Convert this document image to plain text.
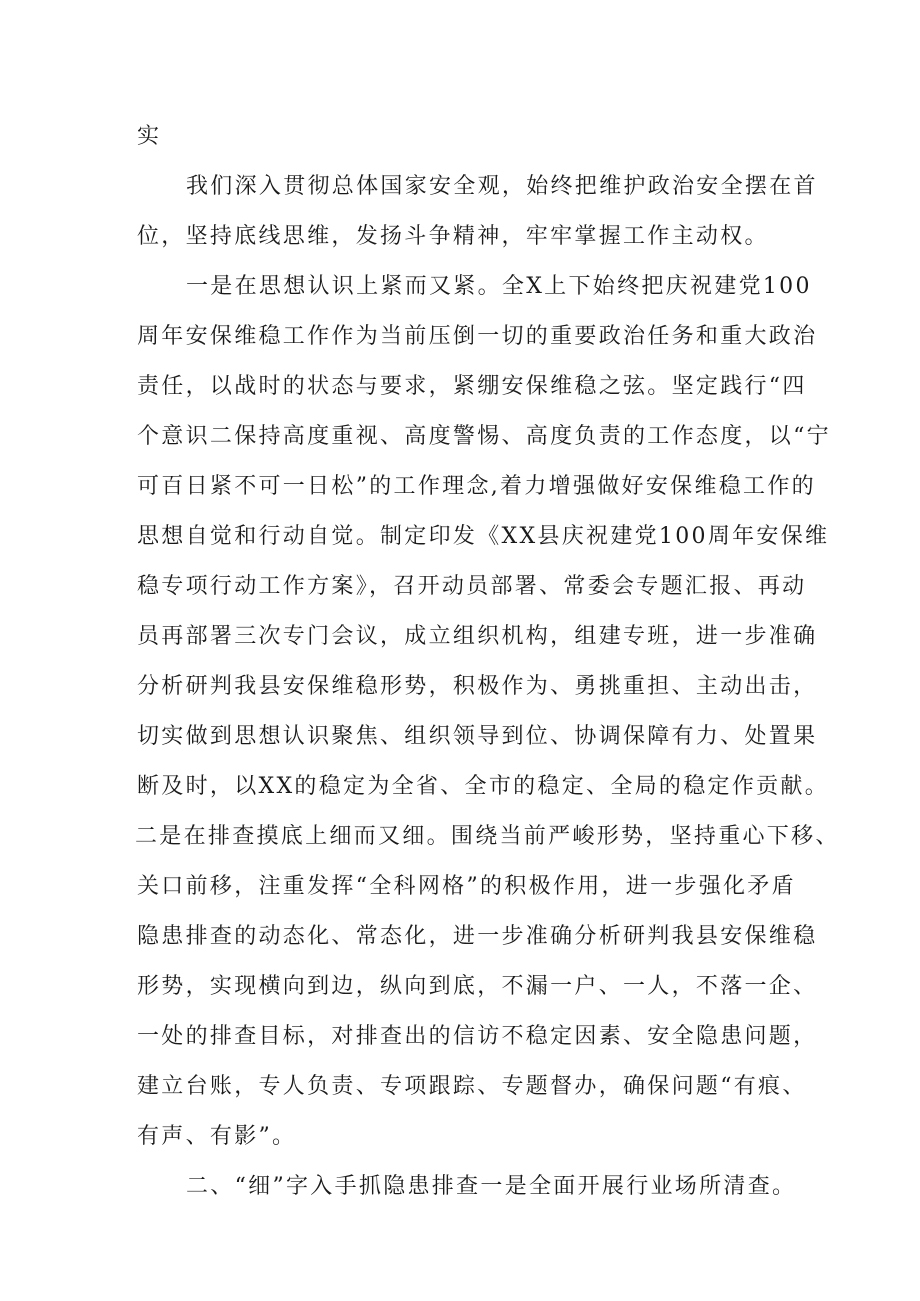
实
我们深入贯彻总体国家安全观，始终把维护政治安全摆在首
位，坚持底线思维，发扬斗争精神，牢牢掌握工作主动权。
一是在思想认识上紧而又紧。全X上下始终把庆祝建党100
周年安保维稳工作作为当前压倒一切的重要政治任务和重大政治
责任，以战时的状态与要求，紧绷安保维稳之弦。坚定践行“四
个意识二保持高度重视、高度警惕、高度负责的工作态度，以“宁
可百日紧不可一日松”的工作理念,着力增强做好安保维稳工作的
思想自觉和行动自觉。制定印发《XX县庆祝建党100周年安保维
稳专项行动工作方案》，召开动员部署、常委会专题汇报、再动
员再部署三次专门会议，成立组织机构，组建专班，进一步准确
分析研判我县安保维稳形势，积极作为、勇挑重担、主动出击，
切实做到思想认识聚焦、组织领导到位、协调保障有力、处置果
断及时，以XX的稳定为全省、全市的稳定、全局的稳定作贡献。
二是在排查摸底上细而又细。围绕当前严峻形势，坚持重心下移、
关口前移，注重发挥“全科网格”的积极作用，进一步强化矛盾
隐患排查的动态化、常态化，进一步准确分析研判我县安保维稳
形势，实现横向到边，纵向到底，不漏一户、一人，不落一企、
一处的排查目标，对排查出的信访不稳定因素、安全隐患问题，
建立台账，专人负责、专项跟踪、专题督办，确保问题“有痕、
有声、有影”。
二、“细”字入手抓隐患排查一是全面开展行业场所清查。
